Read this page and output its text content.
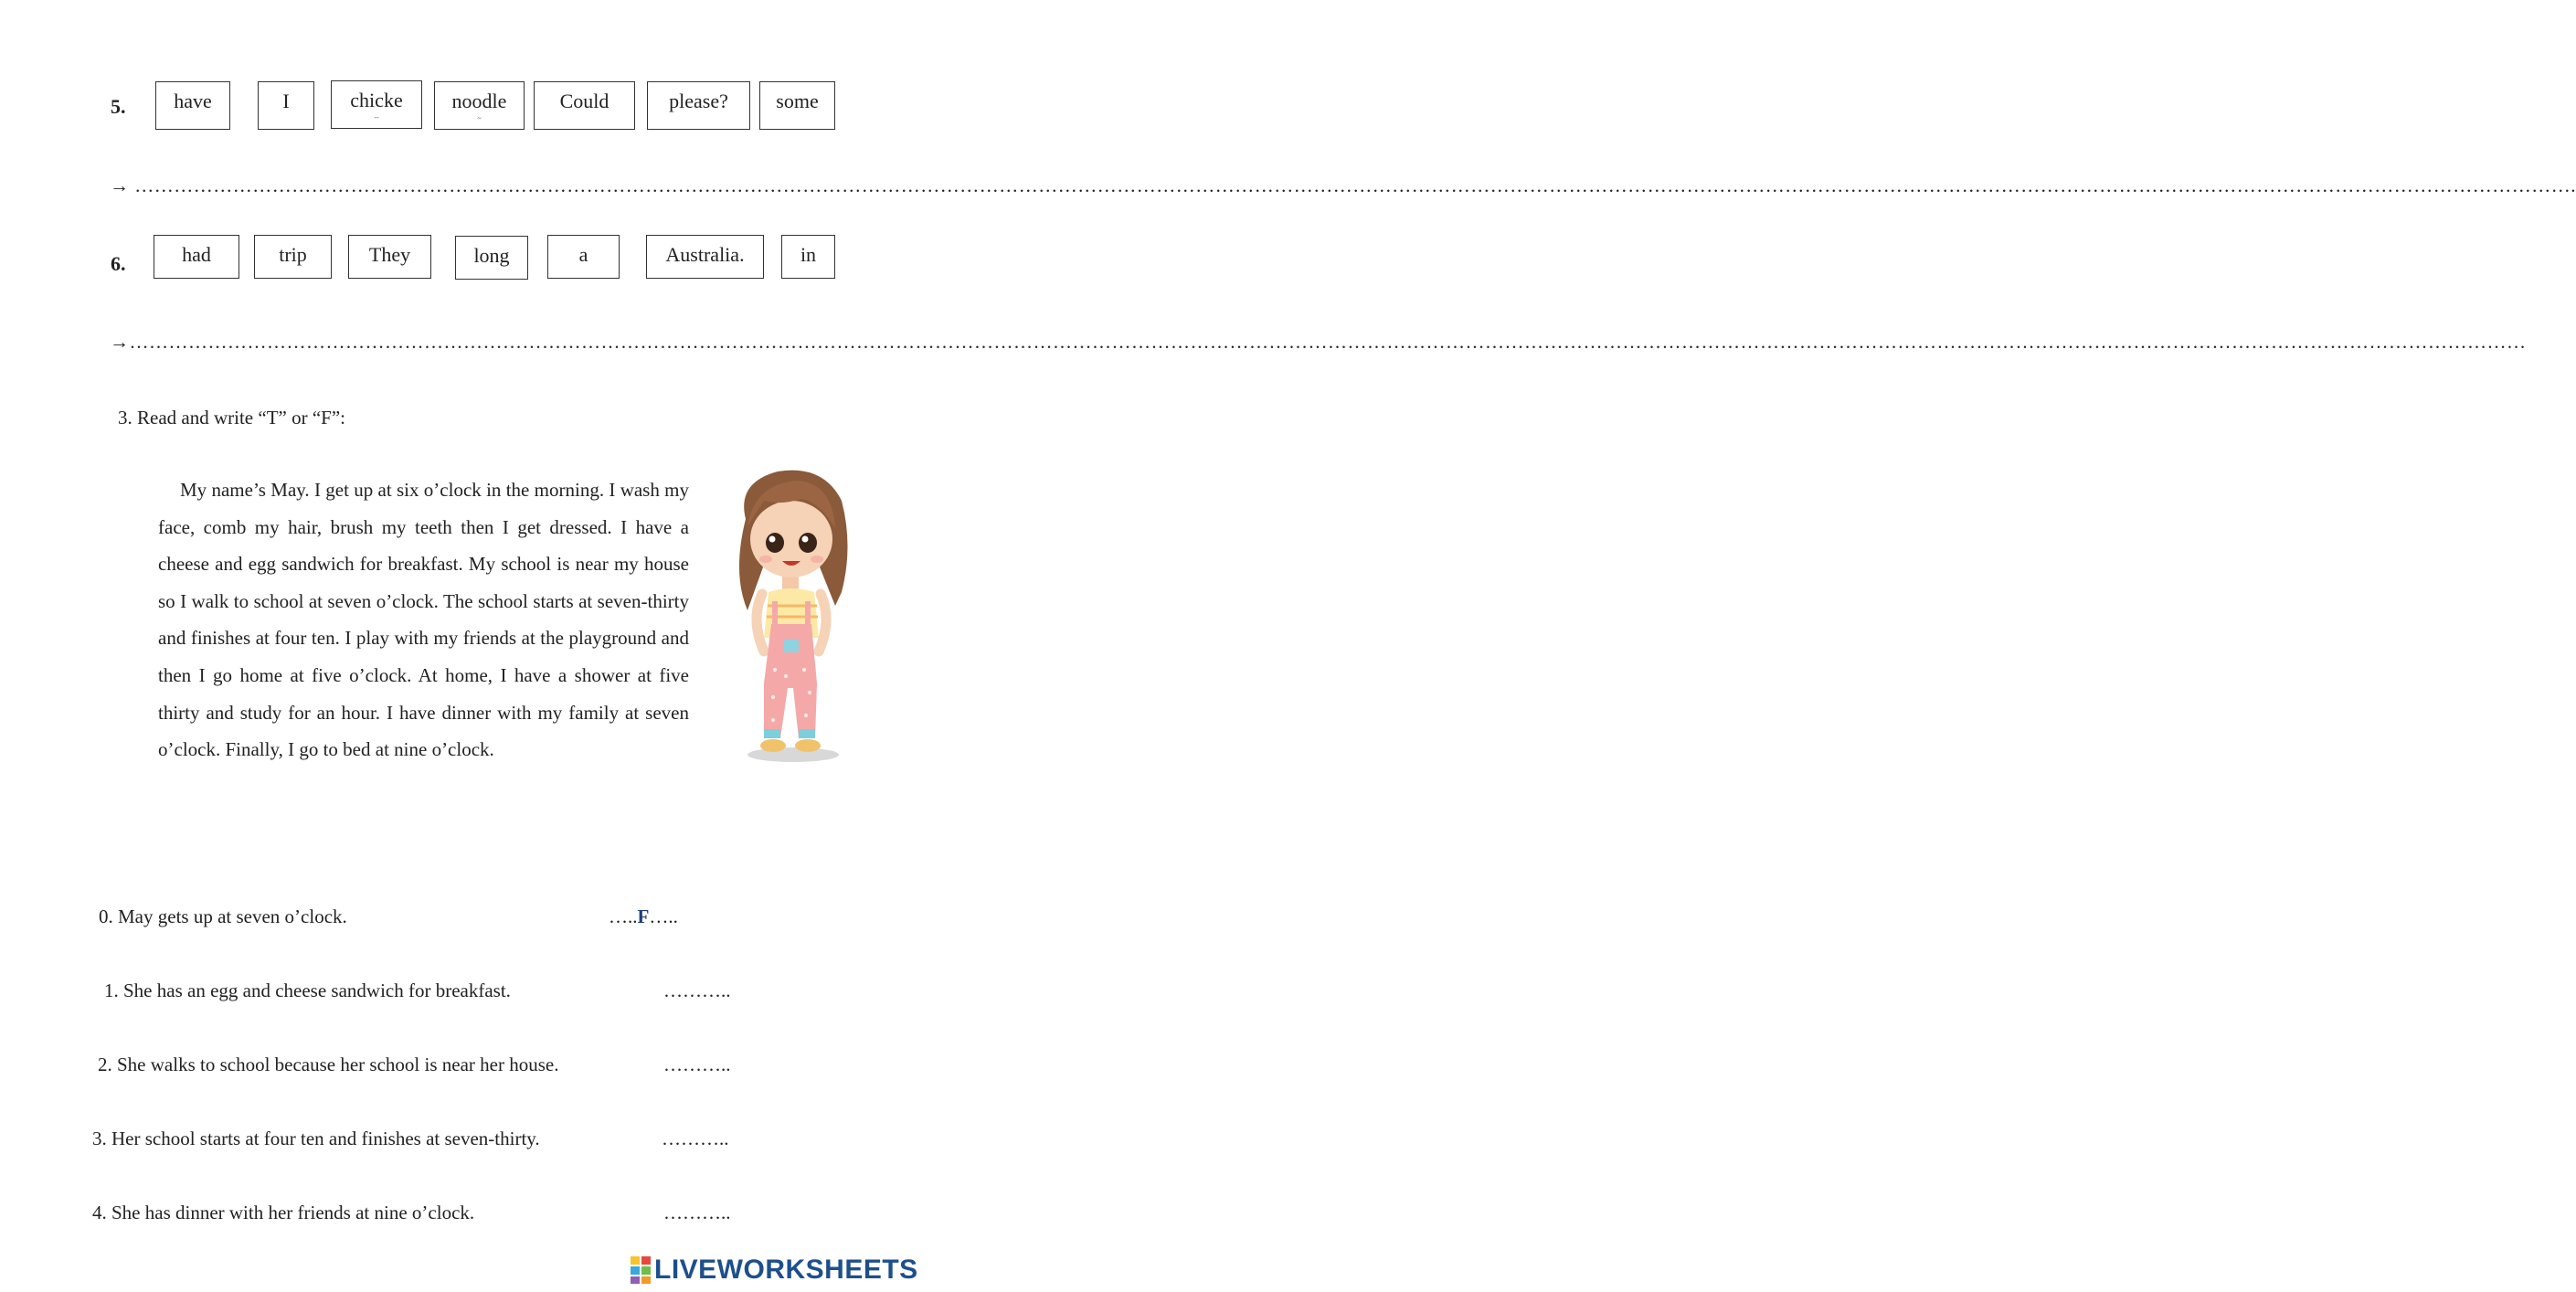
5.	have	I	chicke
--
noodle
~
Could	please?	some
→ ………………………………………………………………………………………………………………………………………………………………………………………………………………………………………………………………………………………………………………………………………….
6.	had	trip	They	long	a	Australia.	in
→……………………………………………………………………………………………………………………………………………………………………………………………………………………………………………………………………………………………………………………………………
3. Read and write “T” or “F”:

My name’s May. I get up at six o’clock in the morning. I wash my face, comb my hair, brush my teeth then I get dressed. I have a cheese and egg sandwich for breakfast. My school is near my house so I walk to school at seven o’clock. The school starts at seven-thirty and finishes at four ten. I play with my friends at the playground and then I go home at five o’clock. At home, I have a shower at five thirty and study for an hour. I have dinner with my family at seven o’clock. Finally, I go to bed at nine o’clock.

0. May gets up at seven o’clock.	…..F…..
1. She has an egg and cheese sandwich for breakfast.	………..
2. She walks to school because her school is near her house.	………..
3. Her school starts at four ten and finishes at seven-thirty.	………..
4. She has dinner with her friends at nine o’clock.	………..
LIVEWORKSHEETS
